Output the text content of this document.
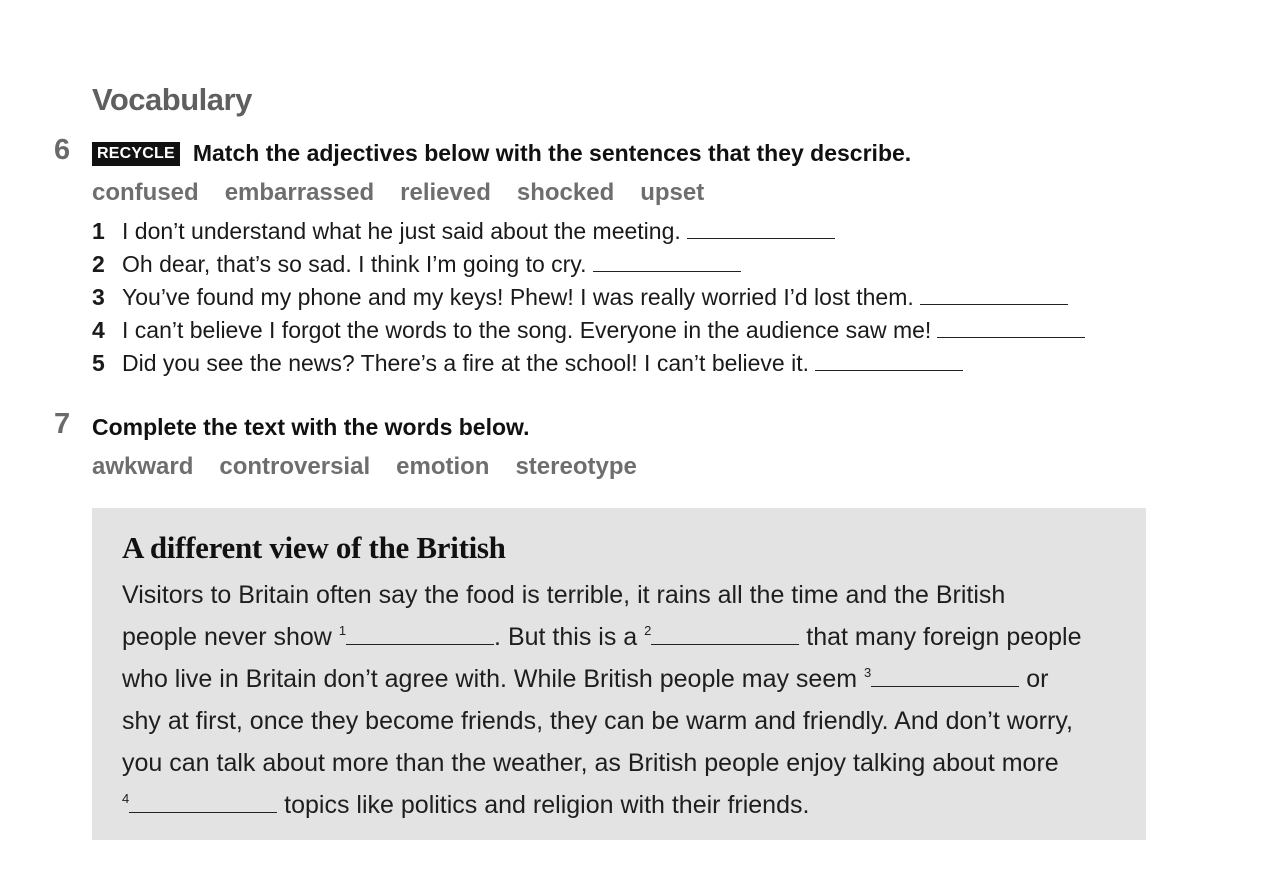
Vocabulary
6	RECYCLE Match the adjectives below with the sentences that they describe.
confused embarrassed relieved shocked upset
1 I don’t understand what he just said about the meeting.
2 Oh dear, that’s so sad. I think I’m going to cry.
3 You’ve found my phone and my keys! Phew! I was really worried I’d lost them.
4 I can’t believe I forgot the words to the song. Everyone in the audience saw me!
5 Did you see the news? There’s a fire at the school! I can’t believe it.
7 Complete the text with the words below.
awkward controversial emotion stereotype
A different view of the British
Visitors to Britain often say the food is terrible, it rains all the time and the British
people never show $^1$	. But this is a $^2$	that many foreign people
who live in Britain don’t agree with. While British people may seem $^3$	or
shy at first, once they become friends, they can be warm and friendly. And don’t worry,
you can talk about more than the weather, as British people enjoy talking about more
$^4$	topics like politics and religion with their friends.
